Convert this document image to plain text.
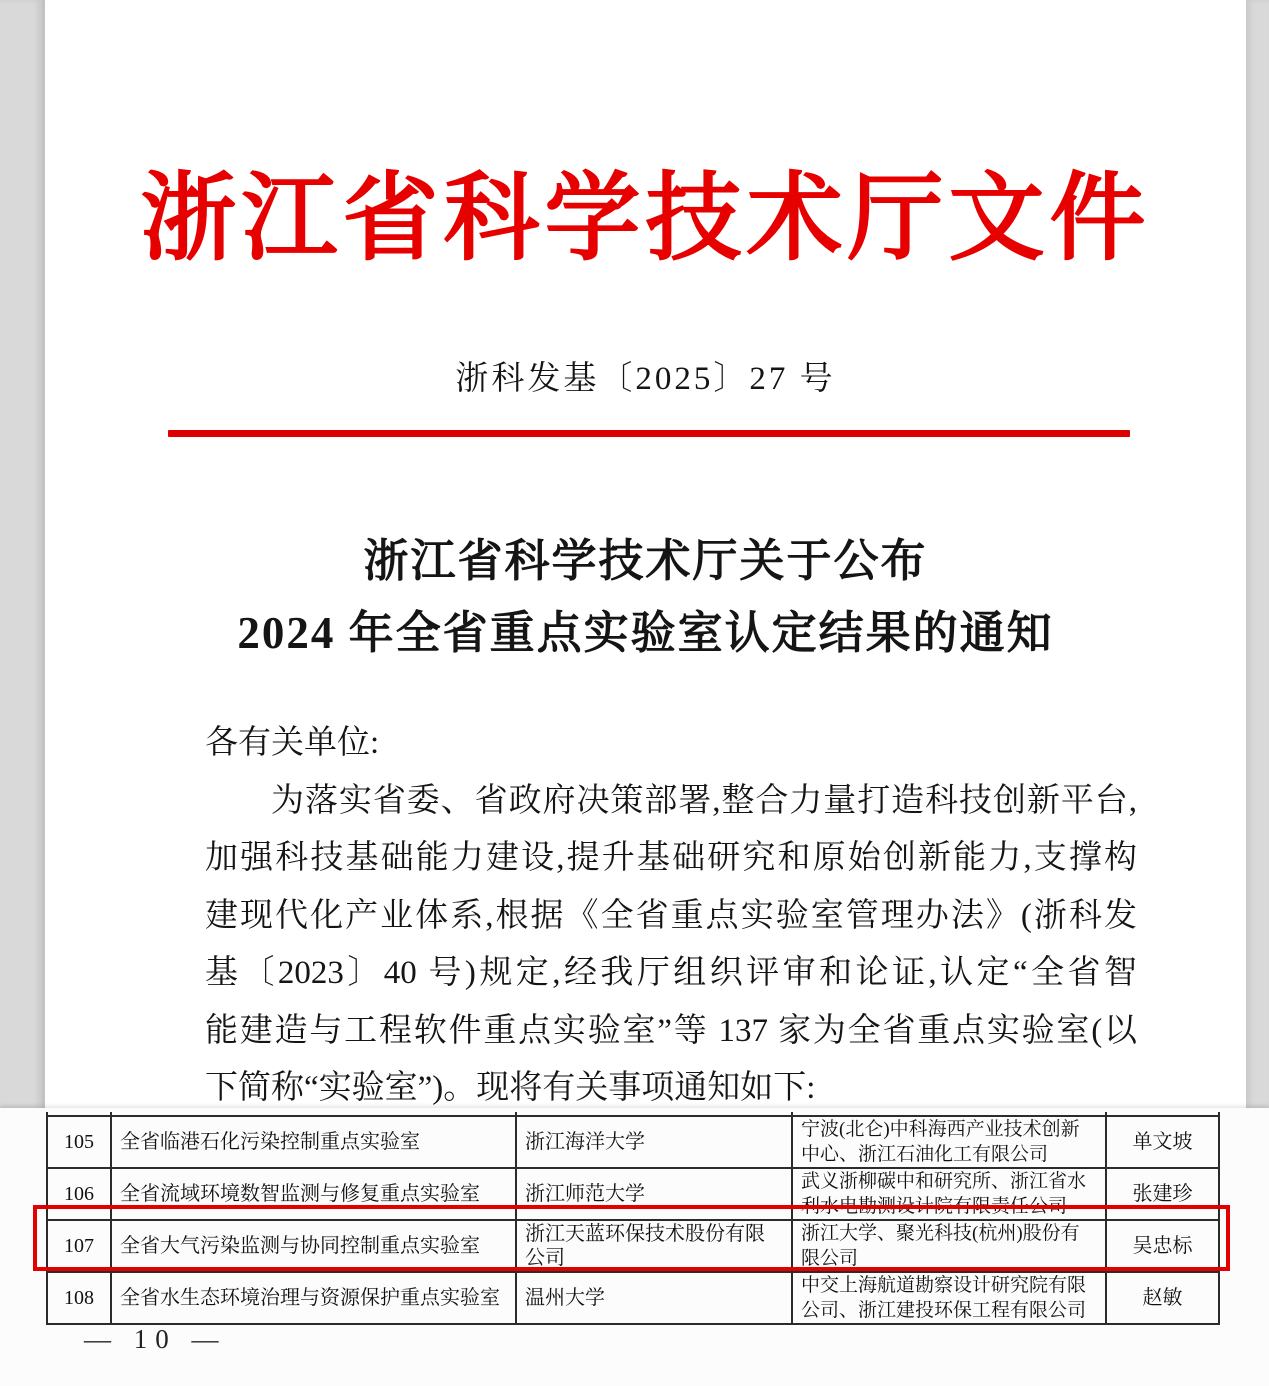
浙江省科学技术厅文件
浙科发基〔2025〕27 号
浙江省科学技术厅关于公布
2024 年全省重点实验室认定结果的通知
各有关单位:
为落实省委、省政府决策部署,整合力量打造科技创新平台,
加强科技基础能力建设,提升基础研究和原始创新能力,支撑构
建现代化产业体系,根据《全省重点实验室管理办法》(浙科发
基〔2023〕40 号)规定,经我厅组织评审和论证,认定“全省智
能建造与工程软件重点实验室”等 137 家为全省重点实验室(以
下简称“实验室”)。现将有关事项通知如下:

105	全省临港石化污染控制重点实验室	浙江海洋大学	宁波(北仑)中科海西产业技术创新中心、浙江石油化工有限公司	单文坡
106	全省流域环境数智监测与修复重点实验室	浙江师范大学	武义浙柳碳中和研究所、浙江省水利水电勘测设计院有限责任公司	张建珍
107	全省大气污染监测与协同控制重点实验室	浙江天蓝环保技术股份有限公司	浙江大学、聚光科技(杭州)股份有限公司	吴忠标
108	全省水生态环境治理与资源保护重点实验室	温州大学	中交上海航道勘察设计研究院有限公司、浙江建投环保工程有限公司	赵敏
— 10 —
